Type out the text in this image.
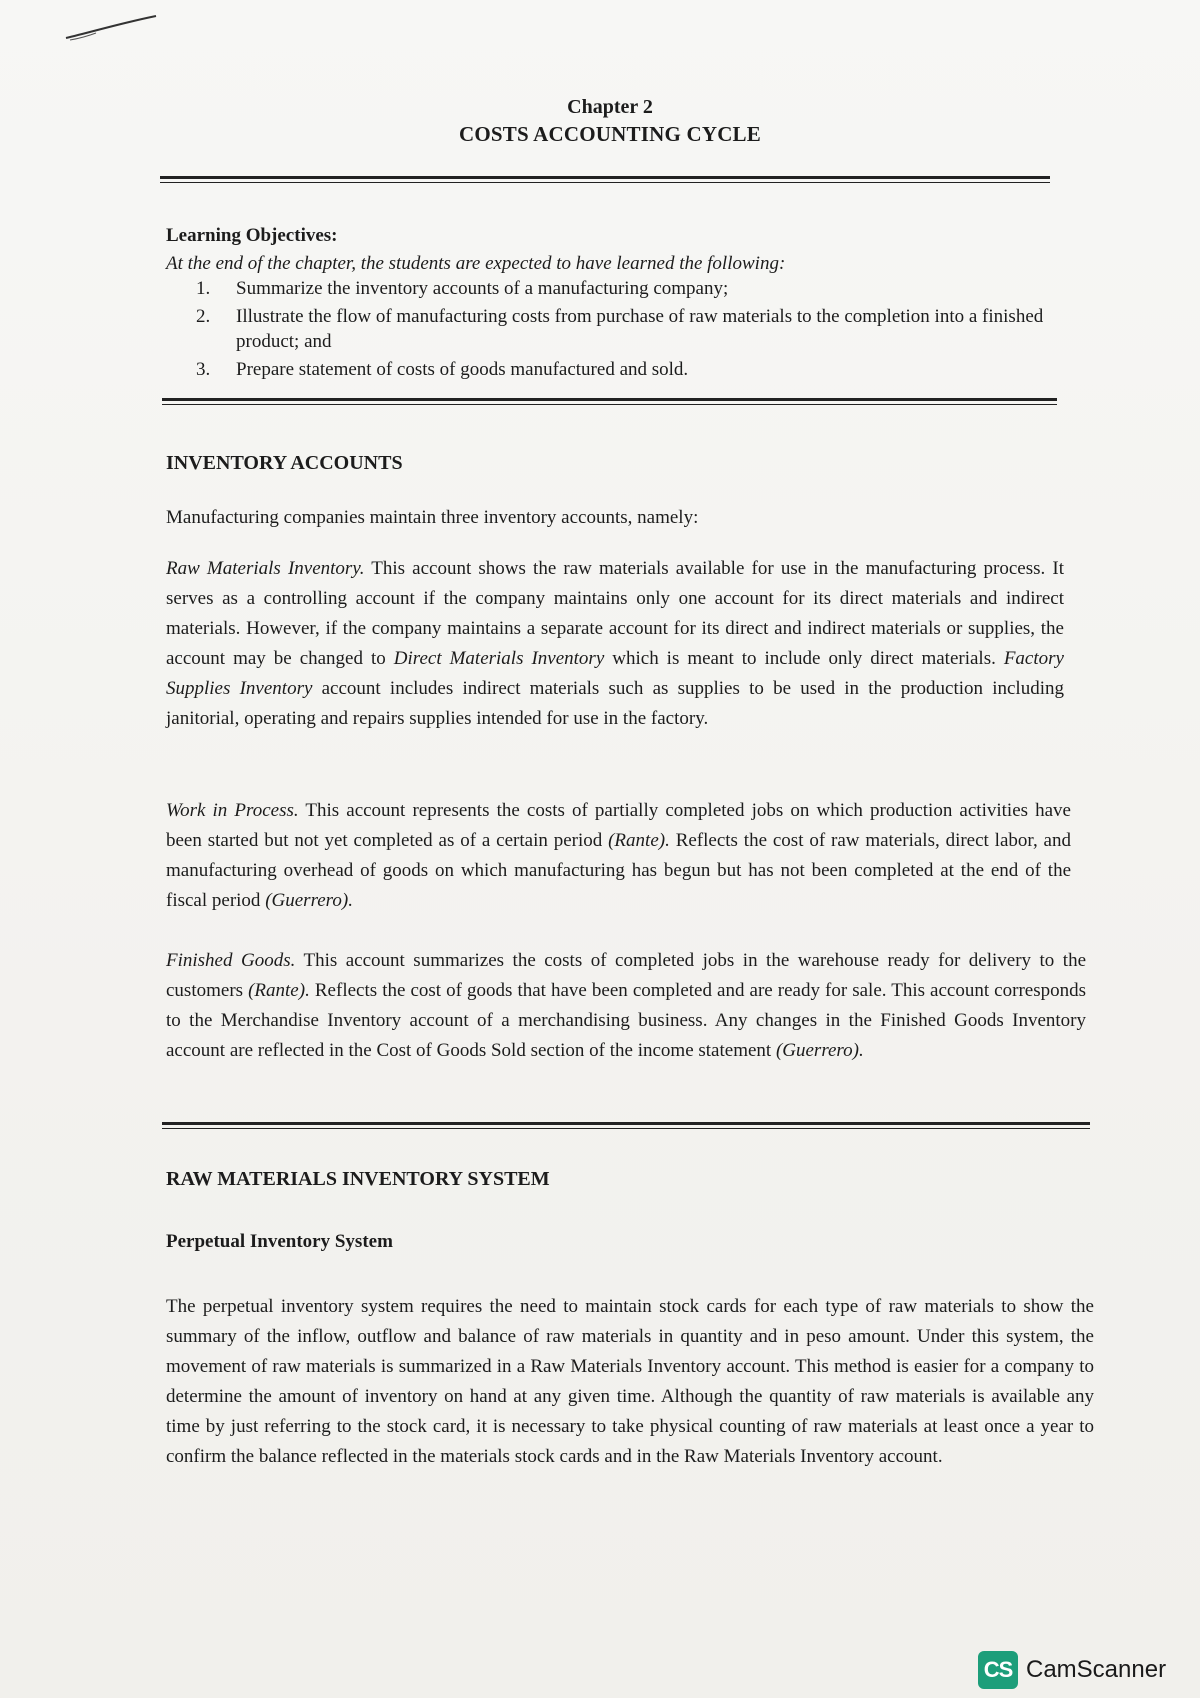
Chapter 2
COSTS ACCOUNTING CYCLE
Learning Objectives:
At the end of the chapter, the students are expected to have learned the following:
1. Summarize the inventory accounts of a manufacturing company;
2. Illustrate the flow of manufacturing costs from purchase of raw materials to the completion into a finished product; and
3. Prepare statement of costs of goods manufactured and sold.
INVENTORY ACCOUNTS
Manufacturing companies maintain three inventory accounts, namely:

Raw Materials Inventory. This account shows the raw materials available for use in the manufacturing process. It serves as a controlling account if the company maintains only one account for its direct materials and indirect materials. However, if the company maintains a separate account for its direct and indirect materials or supplies, the account may be changed to Direct Materials Inventory which is meant to include only direct materials. Factory Supplies Inventory account includes indirect materials such as supplies to be used in the production including janitorial, operating and repairs supplies intended for use in the factory.

Work in Process. This account represents the costs of partially completed jobs on which production activities have been started but not yet completed as of a certain period (Rante). Reflects the cost of raw materials, direct labor, and manufacturing overhead of goods on which manufacturing has begun but has not been completed at the end of the fiscal period (Guerrero).

Finished Goods. This account summarizes the costs of completed jobs in the warehouse ready for delivery to the customers (Rante). Reflects the cost of goods that have been completed and are ready for sale. This account corresponds to the Merchandise Inventory account of a merchandising business. Any changes in the Finished Goods Inventory account are reflected in the Cost of Goods Sold section of the income statement (Guerrero).

RAW MATERIALS INVENTORY SYSTEM
Perpetual Inventory System

The perpetual inventory system requires the need to maintain stock cards for each type of raw materials to show the summary of the inflow, outflow and balance of raw materials in quantity and in peso amount. Under this system, the movement of raw materials is summarized in a Raw Materials Inventory account. This method is easier for a company to determine the amount of inventory on hand at any given time. Although the quantity of raw materials is available any time by just referring to the stock card, it is necessary to take physical counting of raw materials at least once a year to confirm the balance reflected in the materials stock cards and in the Raw Materials Inventory account.

CS CamScanner
